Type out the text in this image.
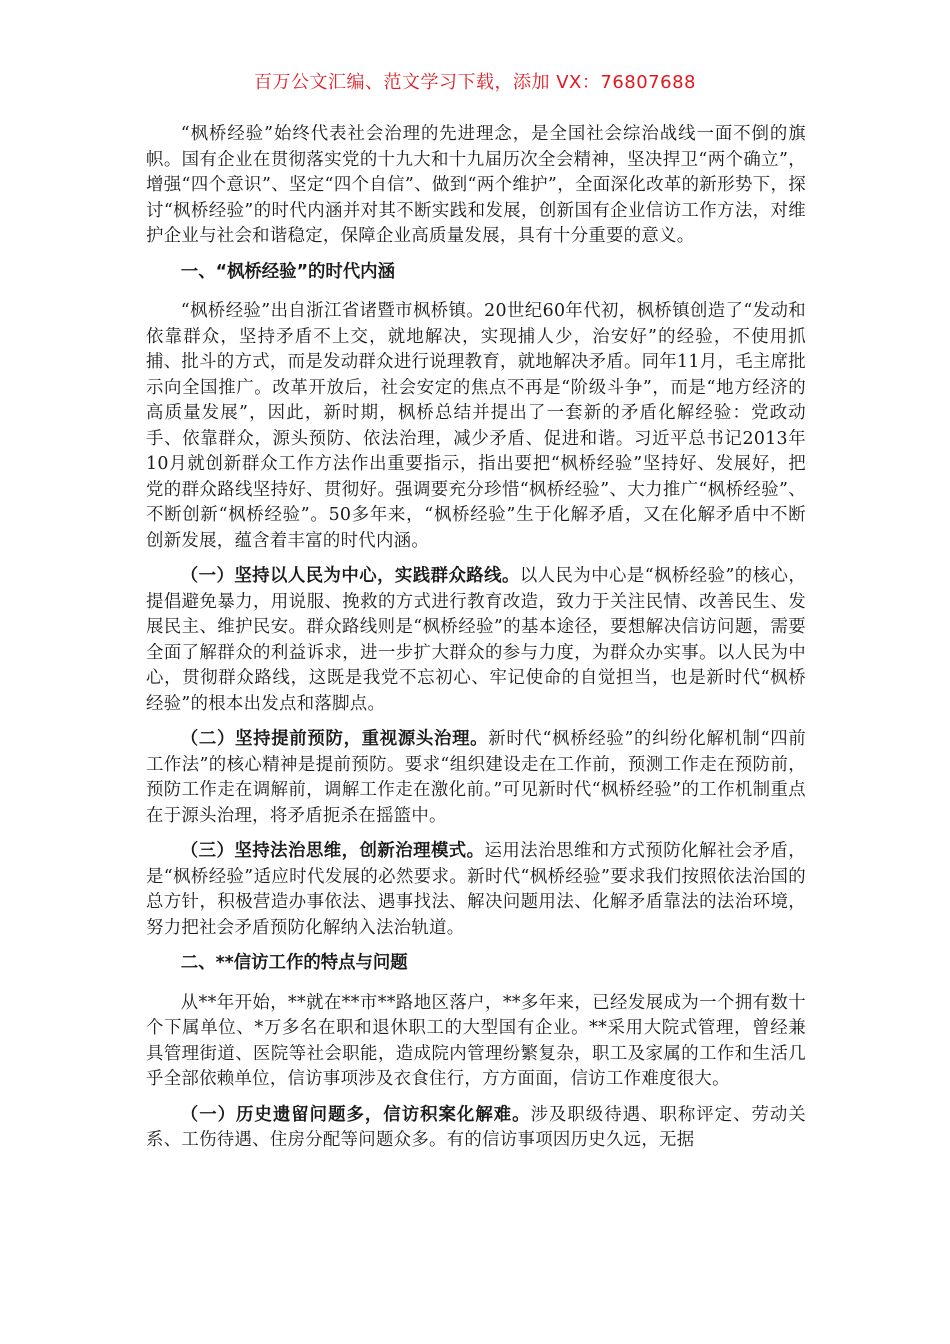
百万公文汇编、范文学习下载，添加 VX：76807688

“枫桥经验”始终代表社会治理的先进理念，是全国社会综治战线一面不倒的旗帜。国有企业在贯彻落实党的十九大和十九届历次全会精神，坚决捍卫“两个确立”，增强“四个意识”、坚定“四个自信”、做到“两个维护”，全面深化改革的新形势下，探讨“枫桥经验”的时代内涵并对其不断实践和发展，创新国有企业信访工作方法，对维护企业与社会和谐稳定，保障企业高质量发展，具有十分重要的意义。

一、“枫桥经验”的时代内涵

“枫桥经验”出自浙江省诸暨市枫桥镇。20世纪60年代初，枫桥镇创造了“发动和依靠群众，坚持矛盾不上交，就地解决，实现捕人少，治安好”的经验，不使用抓捕、批斗的方式，而是发动群众进行说理教育，就地解决矛盾。同年11月，毛主席批示向全国推广。改革开放后，社会安定的焦点不再是“阶级斗争”，而是“地方经济的高质量发展”，因此，新时期，枫桥总结并提出了一套新的矛盾化解经验：党政动手、依靠群众，源头预防、依法治理，减少矛盾、促进和谐。习近平总书记2013年10月就创新群众工作方法作出重要指示，指出要把“枫桥经验”坚持好、发展好，把党的群众路线坚持好、贯彻好。强调要充分珍惜“枫桥经验”、大力推广“枫桥经验”、不断创新“枫桥经验”。50多年来，“枫桥经验”生于化解矛盾，又在化解矛盾中不断创新发展，蕴含着丰富的时代内涵。

（一）坚持以人民为中心，实践群众路线。以人民为中心是“枫桥经验”的核心，提倡避免暴力，用说服、挽救的方式进行教育改造，致力于关注民情、改善民生、发展民主、维护民安。群众路线则是“枫桥经验”的基本途径，要想解决信访问题，需要全面了解群众的利益诉求，进一步扩大群众的参与力度，为群众办实事。以人民为中心，贯彻群众路线，这既是我党不忘初心、牢记使命的自觉担当，也是新时代“枫桥经验”的根本出发点和落脚点。

（二）坚持提前预防，重视源头治理。新时代“枫桥经验”的纠纷化解机制“四前工作法”的核心精神是提前预防。要求“组织建设走在工作前，预测工作走在预防前，预防工作走在调解前，调解工作走在激化前。”可见新时代“枫桥经验”的工作机制重点在于源头治理，将矛盾扼杀在摇篮中。

（三）坚持法治思维，创新治理模式。运用法治思维和方式预防化解社会矛盾，是“枫桥经验”适应时代发展的必然要求。新时代“枫桥经验”要求我们按照依法治国的总方针，积极营造办事依法、遇事找法、解决问题用法、化解矛盾靠法的法治环境，努力把社会矛盾预防化解纳入法治轨道。

二、**信访工作的特点与问题

从**年开始，**就在**市**路地区落户，**多年来，已经发展成为一个拥有数十个下属单位、*万多名在职和退休职工的大型国有企业。**采用大院式管理，曾经兼具管理街道、医院等社会职能，造成院内管理纷繁复杂，职工及家属的工作和生活几乎全部依赖单位，信访事项涉及衣食住行，方方面面，信访工作难度很大。

（一）历史遗留问题多，信访积案化解难。涉及职级待遇、职称评定、劳动关系、工伤待遇、住房分配等问题众多。有的信访事项因历史久远，无据
